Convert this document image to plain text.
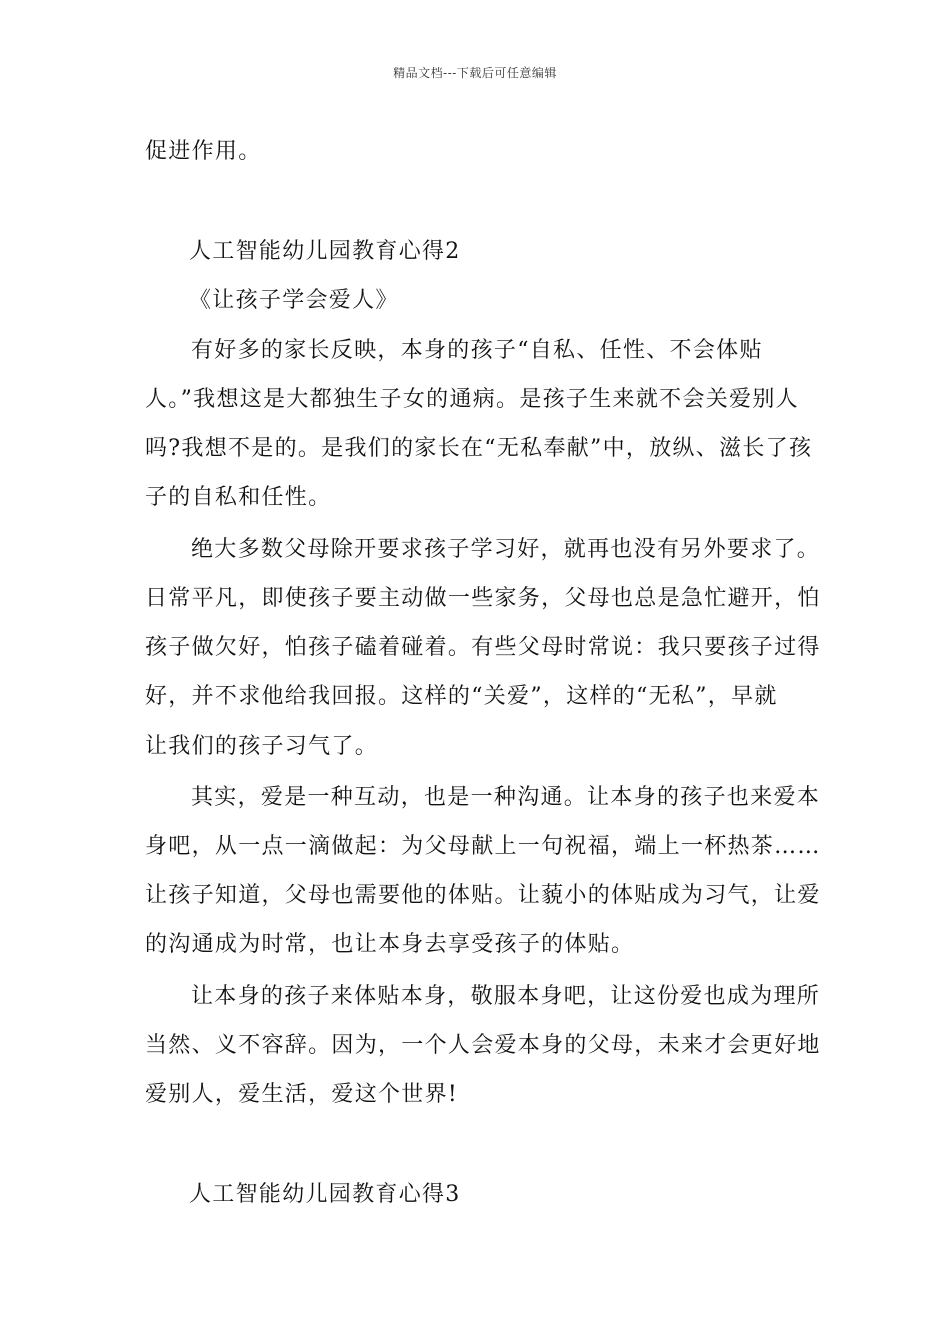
精品文档---下载后可任意编辑
促进作用。
人工智能幼儿园教育心得2
《让孩子学会爱人》
有好多的家长反映，本身的孩子“自私、任性、不会体贴
人。”我想这是大都独生子女的通病。是孩子生来就不会关爱别人
吗?我想不是的。是我们的家长在“无私奉献”中，放纵、滋长了孩
子的自私和任性。
绝大多数父母除开要求孩子学习好，就再也没有另外要求了。
日常平凡，即使孩子要主动做一些家务，父母也总是急忙避开，怕
孩子做欠好，怕孩子磕着碰着。有些父母时常说：我只要孩子过得
好，并不求他给我回报。这样的“关爱”，这样的“无私”，早就
让我们的孩子习气了。
其实，爱是一种互动，也是一种沟通。让本身的孩子也来爱本
身吧，从一点一滴做起：为父母献上一句祝福，端上一杯热茶……
让孩子知道，父母也需要他的体贴。让藐小的体贴成为习气，让爱
的沟通成为时常，也让本身去享受孩子的体贴。
让本身的孩子来体贴本身，敬服本身吧，让这份爱也成为理所
当然、义不容辞。因为，一个人会爱本身的父母，未来才会更好地
爱别人，爱生活，爱这个世界!
人工智能幼儿园教育心得3
